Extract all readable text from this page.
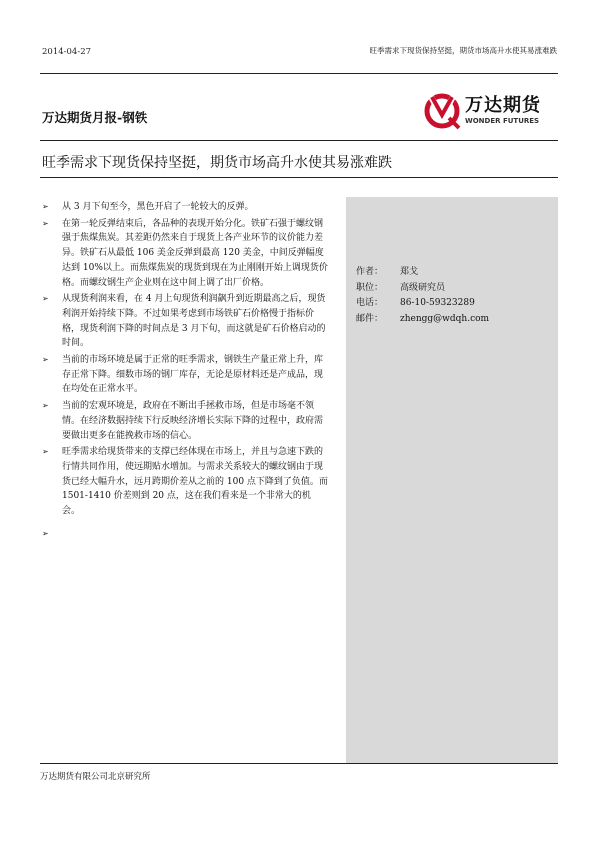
2014-04-27	旺季需求下现货保持坚挺，期货市场高升水使其易涨难跌
万达期货月报-钢铁
万达期货
WONDER FUTURES
旺季需求下现货保持坚挺，期货市场高升水使其易涨难跌
作者：	郑戈
职位：	高级研究员
电话：	86-10-59323289
邮件：	zhengg@wdqh.com
➢ 从 3 月下旬至今，黑色开启了一轮较大的反弹。
➢ 在第一轮反弹结束后，各品种的表现开始分化。铁矿石强于螺纹钢强于焦煤焦炭。其差距仍然来自于现货上各产业环节的议价能力差异。铁矿石从最低 106 美金反弹到最高 120 美金，中间反弹幅度达到 10%以上。而焦煤焦炭的现货到现在为止刚刚开始上调现货价格。而螺纹钢生产企业则在这中间上调了出厂价格。
➢ 从现货利润来看，在 4 月上旬现货利润飙升到近期最高之后，现货利润开始持续下降。不过如果考虑到市场铁矿石价格慢于指标价格，现货利润下降的时间点是 3 月下旬，而这就是矿石价格启动的时间。
➢ 当前的市场环境是属于正常的旺季需求，钢铁生产量正常上升，库存正常下降。细数市场的钢厂库存，无论是原材料还是产成品，现在均处在正常水平。
➢ 当前的宏观环境是，政府在不断出手拯救市场，但是市场毫不领情。在经济数据持续下行反映经济增长实际下降的过程中，政府需要做出更多在能挽救市场的信心。
➢ 旺季需求给现货带来的支撑已经体现在市场上，并且与急速下跌的行情共同作用，使远期贴水增加。与需求关系较大的螺纹钢由于现货已经大幅升水，远月跨期价差从之前的 100 点下降到了负值。而 1501-1410 价差则到 20 点，这在我们看来是一个非常大的机会。
➢
万达期货有限公司北京研究所
